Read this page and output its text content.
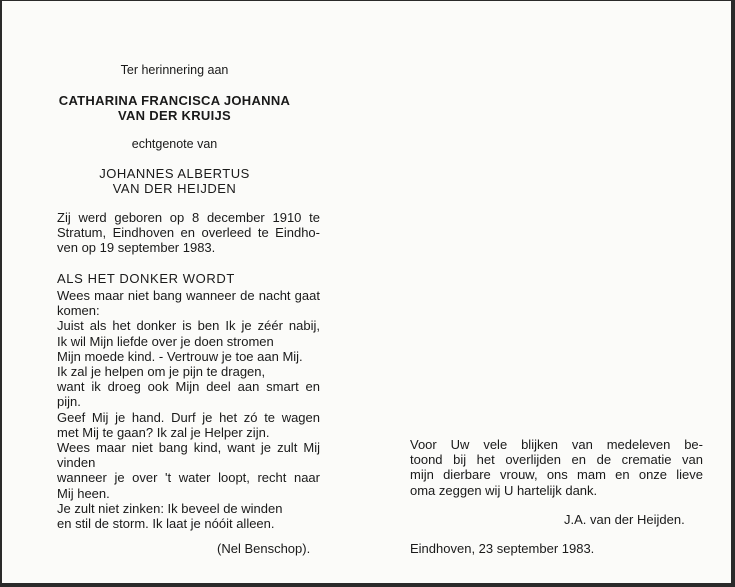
Ter herinnering aan
CATHARINA FRANCISCA JOHANNA
VAN DER KRUIJS
echtgenote van
JOHANNES ALBERTUS
VAN DER HEIJDEN
Zij werd geboren op 8 december 1910 te
Stratum, Eindhoven en overleed te Eindho-
ven op 19 september 1983.
ALS HET DONKER WORDT
Wees maar niet bang wanneer de nacht gaat
komen:
Juist als het donker is ben Ik je zéér nabij,
Ik wil Mijn liefde over je doen stromen
Mijn moede kind. - Vertrouw je toe aan Mij.
Ik zal je helpen om je pijn te dragen,
want ik droeg ook Mijn deel aan smart en
pijn.
Geef Mij je hand. Durf je het zó te wagen
met Mij te gaan? Ik zal je Helper zijn.
Wees maar niet bang kind, want je zult Mij
vinden
wanneer je over 't water loopt, recht naar
Mij heen.
Je zult niet zinken: Ik beveel de winden
en stil de storm. Ik laat je nóóit alleen.
(Nel Benschop).
Voor Uw vele blijken van medeleven be-
toond bij het overlijden en de crematie van
mijn dierbare vrouw, ons mam en onze lieve
oma zeggen wij U hartelijk dank.
J.A. van der Heijden.
Eindhoven, 23 september 1983.
